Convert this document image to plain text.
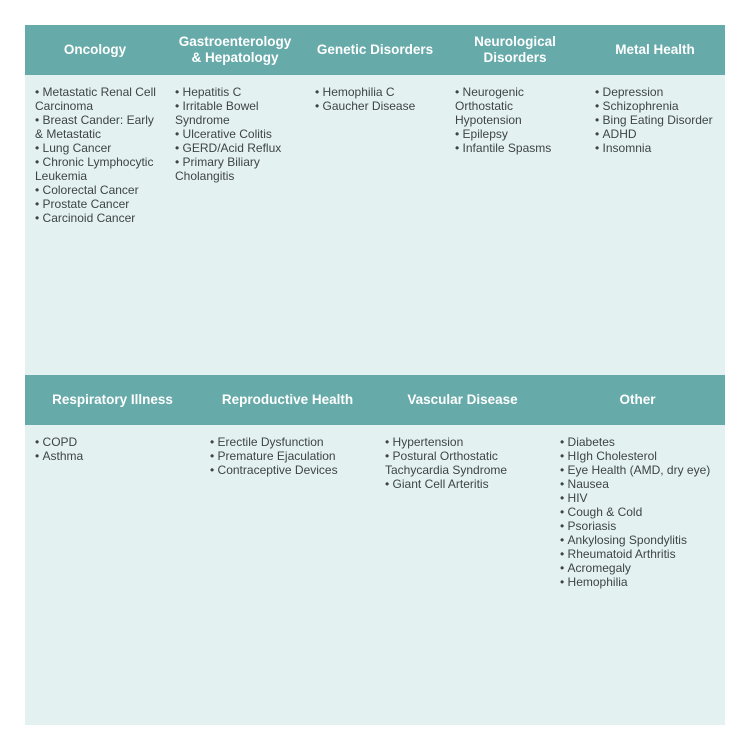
Oncology
• Metastatic Renal Cell Carcinoma
• Breast Cander: Early & Metastatic
• Lung Cancer
• Chronic Lymphocytic Leukemia
• Colorectal Cancer
• Prostate Cancer
• Carcinoid Cancer
Gastroenterology
& Hepatology
• Hepatitis C
• Irritable Bowel Syndrome
• Ulcerative Colitis
• GERD/Acid Reflux
• Primary Biliary Cholangitis
Genetic Disorders
• Hemophilia C
• Gaucher Disease
Neurological
Disorders
• Neurogenic Orthostatic Hypotension
• Epilepsy
• Infantile Spasms
Metal Health
• Depression
• Schizophrenia
• Bing Eating Disorder
• ADHD
• Insomnia
Respiratory Illness
• COPD
• Asthma
Reproductive Health
• Erectile Dysfunction
• Premature Ejaculation
• Contraceptive Devices
Vascular Disease
• Hypertension
• Postural Orthostatic Tachycardia Syndrome
• Giant Cell Arteritis
Other
• Diabetes
• HIgh Cholesterol
• Eye Health (AMD, dry eye)
• Nausea
• HIV
• Cough & Cold
• Psoriasis
• Ankylosing Spondylitis
• Rheumatoid Arthritis
• Acromegaly
• Hemophilia
